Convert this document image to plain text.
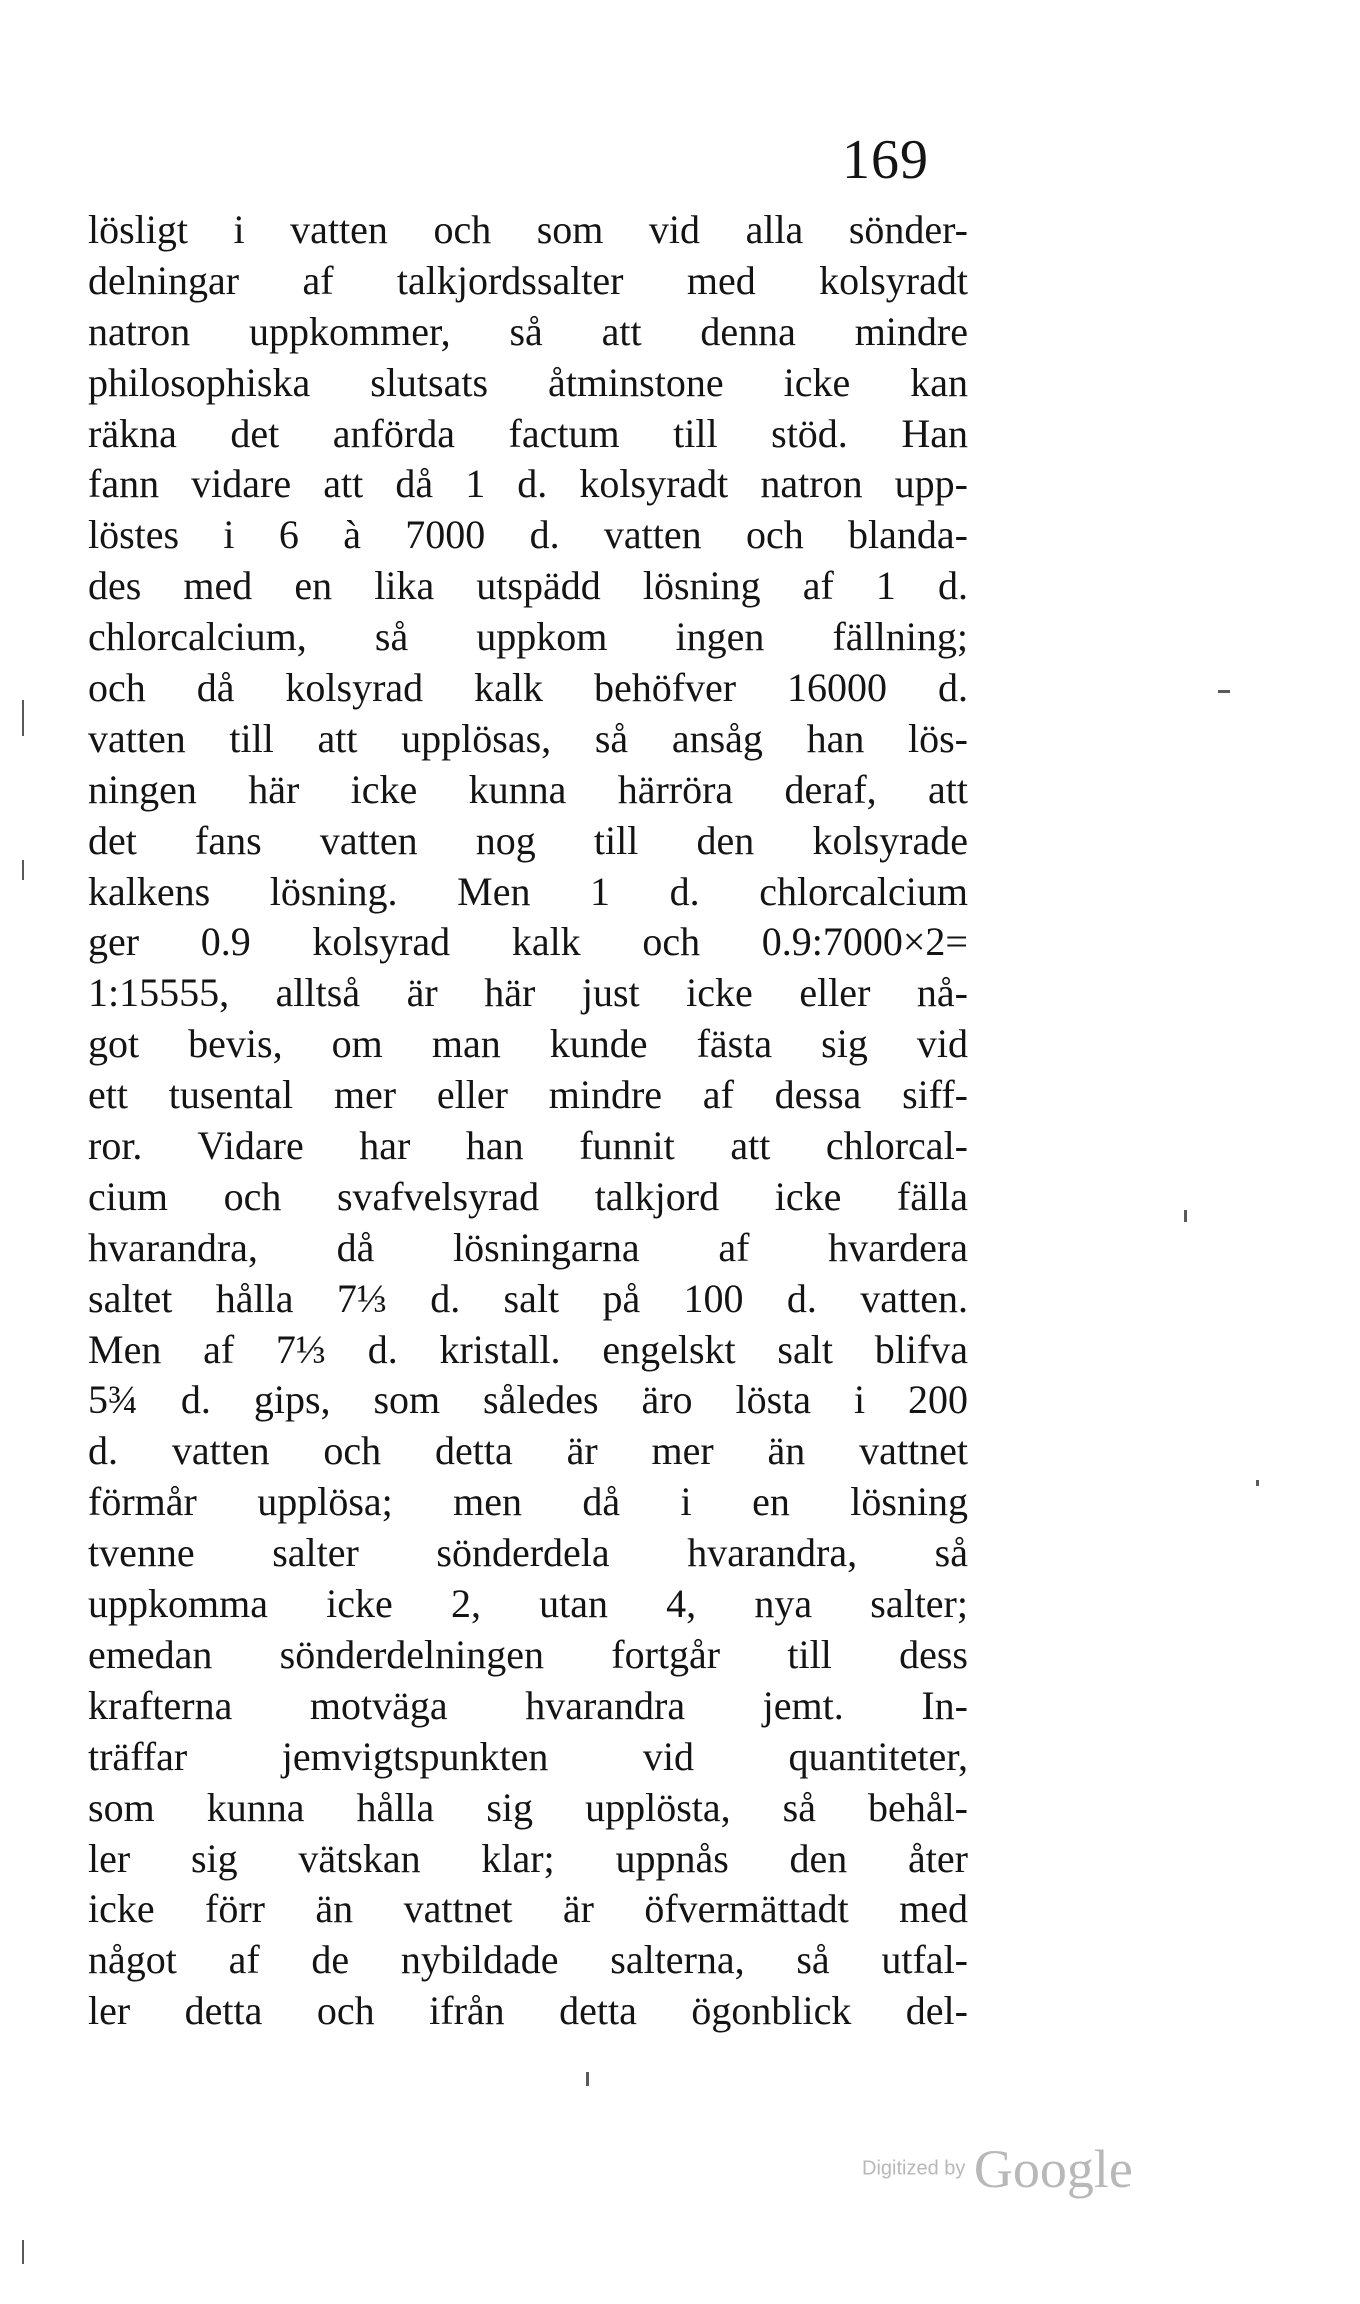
169
lösligt i vatten och som vid alla sönder-
delningar af talkjordssalter med kolsyradt
natron uppkommer, så att denna mindre
philosophiska slutsats åtminstone icke kan
räkna det anförda factum till stöd. Han
fann vidare att då 1 d. kolsyradt natron upp-
löstes i 6 à 7000 d. vatten och blanda-
des med en lika utspädd lösning af 1 d.
chlorcalcium, så uppkom ingen fällning;
och då kolsyrad kalk behöfver 16000 d.
vatten till att upplösas, så ansåg han lös-
ningen här icke kunna härröra deraf, att
det fans vatten nog till den kolsyrade
kalkens lösning. Men 1 d. chlorcalcium
ger 0.9 kolsyrad kalk och 0.9:7000×2=
1:15555, alltså är här just icke eller nå-
got bevis, om man kunde fästa sig vid
ett tusental mer eller mindre af dessa siff-
ror. Vidare har han funnit att chlorcal-
cium och svafvelsyrad talkjord icke fälla
hvarandra, då lösningarna af hvardera
saltet hålla 7⅓ d. salt på 100 d. vatten.
Men af 7⅓ d. kristall. engelskt salt blifva
5¾ d. gips, som således äro lösta i 200
d. vatten och detta är mer än vattnet
förmår upplösa; men då i en lösning
tvenne salter sönderdela hvarandra, så
uppkomma icke 2, utan 4, nya salter;
emedan sönderdelningen fortgår till dess
krafterna motväga hvarandra jemt. In-
träffar jemvigtspunkten vid quantiteter,
som kunna hålla sig upplösta, så behål-
ler sig vätskan klar; uppnås den åter
icke förr än vattnet är öfvermättadt med
något af de nybildade salterna, så utfal-
ler detta och ifrån detta ögonblick del-
Digitized by Google
